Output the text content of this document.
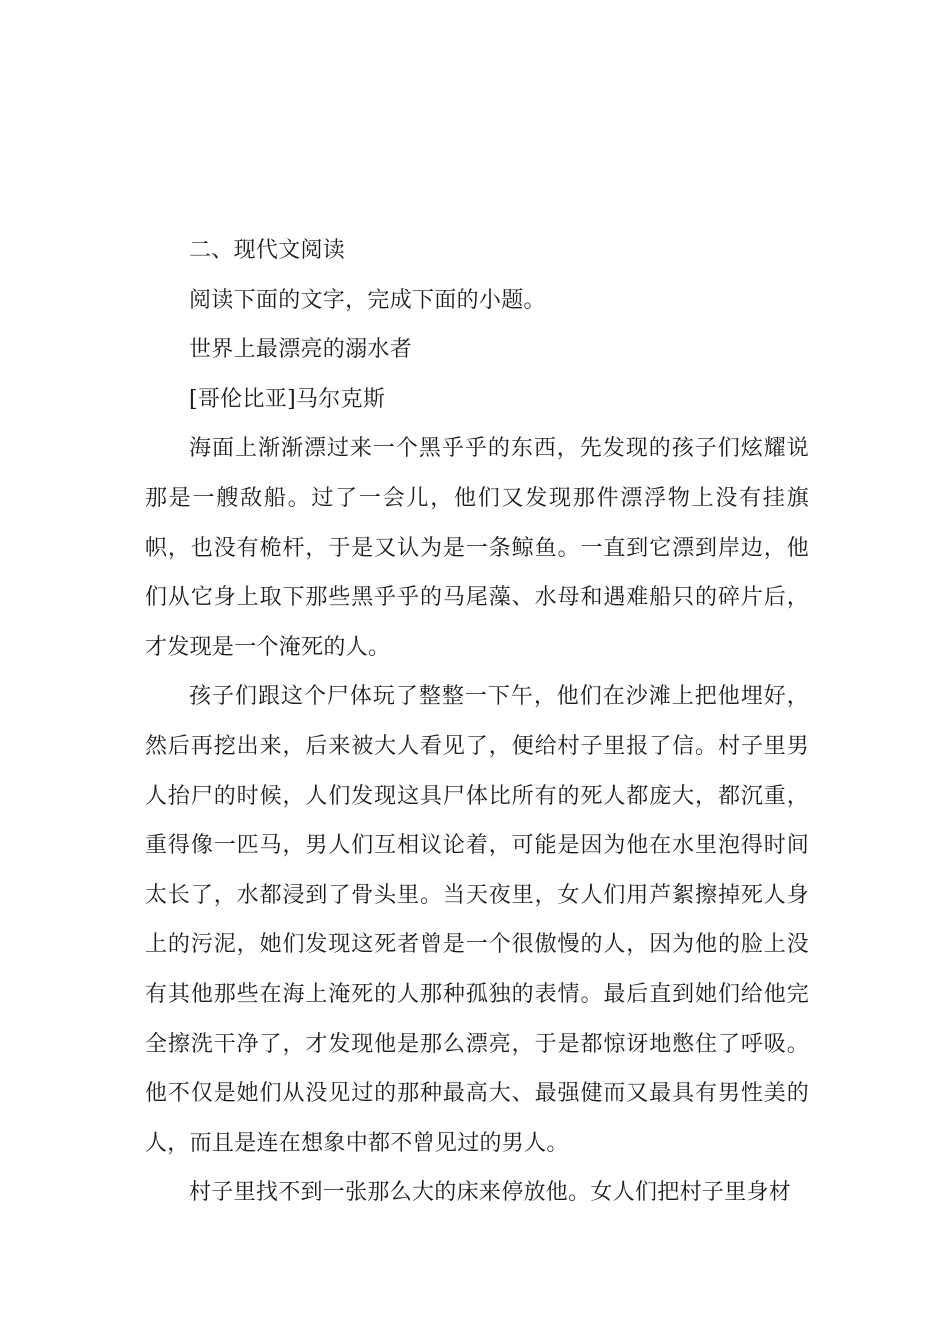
二、现代文阅读

阅读下面的文字，完成下面的小题。

世界上最漂亮的溺水者

[哥伦比亚]马尔克斯

海面上渐渐漂过来一个黑乎乎的东西，先发现的孩子们炫耀说那是一艘敌船。过了一会儿，他们又发现那件漂浮物上没有挂旗帜，也没有桅杆，于是又认为是一条鲸鱼。一直到它漂到岸边，他们从它身上取下那些黑乎乎的马尾藻、水母和遇难船只的碎片后，才发现是一个淹死的人。

孩子们跟这个尸体玩了整整一下午，他们在沙滩上把他埋好，然后再挖出来，后来被大人看见了，便给村子里报了信。村子里男人抬尸的时候，人们发现这具尸体比所有的死人都庞大，都沉重，重得像一匹马，男人们互相议论着，可能是因为他在水里泡得时间太长了，水都浸到了骨头里。当天夜里，女人们用芦絮擦掉死人身上的污泥，她们发现这死者曾是一个很傲慢的人，因为他的脸上没有其他那些在海上淹死的人那种孤独的表情。最后直到她们给他完全擦洗干净了，才发现他是那么漂亮，于是都惊讶地憋住了呼吸。他不仅是她们从没见过的那种最高大、最强健而又最具有男性美的人，而且是连在想象中都不曾见过的男人。

村子里找不到一张那么大的床来停放他。女人们把村子里身材
